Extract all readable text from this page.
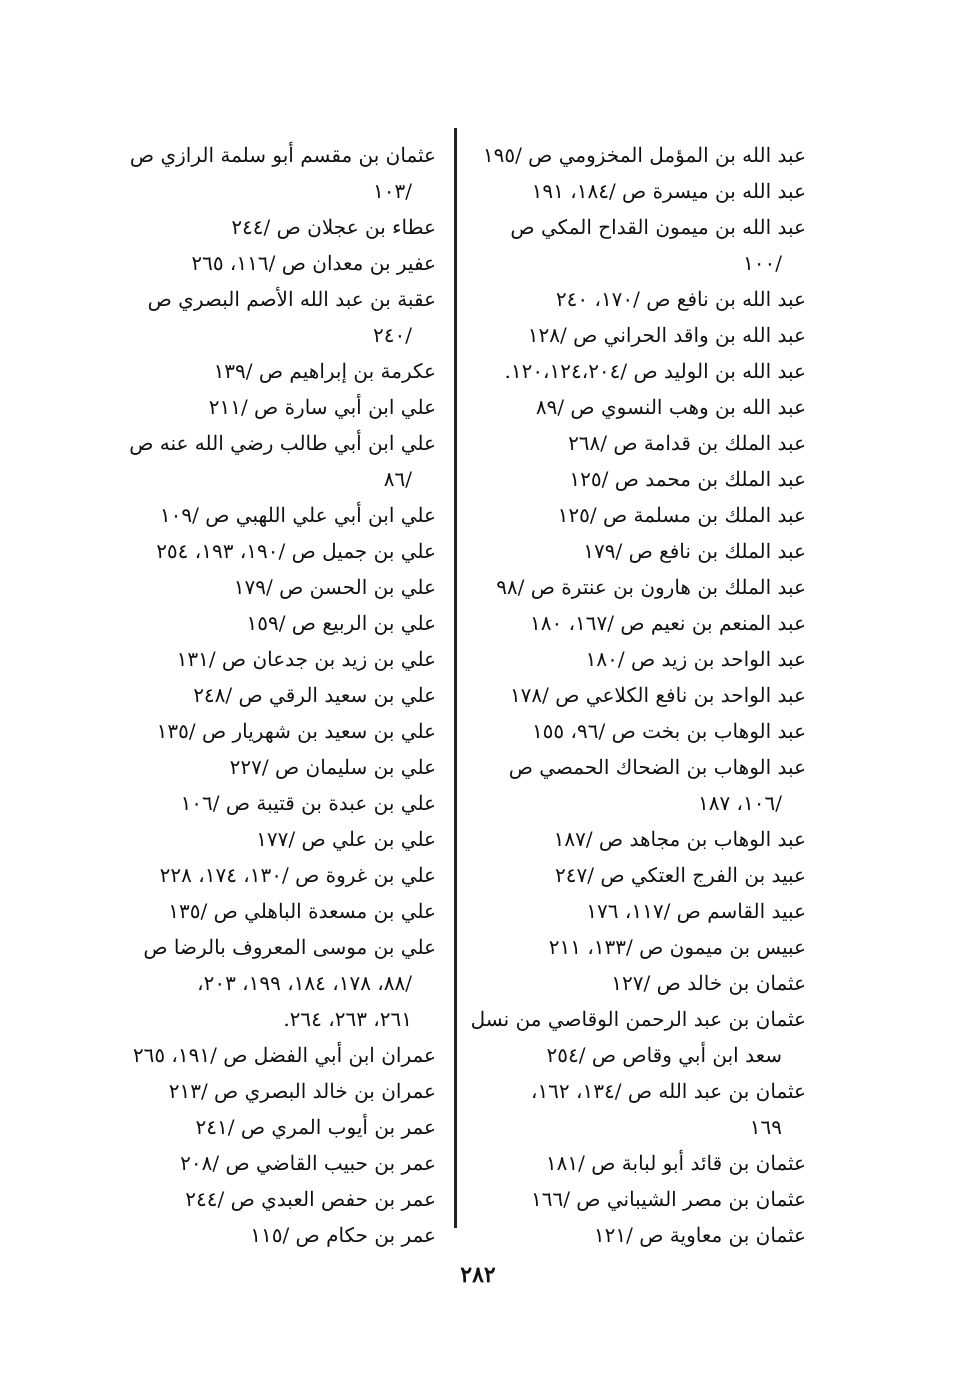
عبد الله بن المؤمل المخزومي ص /١٩٥
عبد الله بن ميسرة ص /١٨٤، ١٩١
عبد الله بن ميمون القداح المكي ص
/١٠٠
عبد الله بن نافع ص /١٧٠، ٢٤٠
عبد الله بن واقد الحراني ص /١٢٨
عبد الله بن الوليد ص /١٢٠،١٢٤،٢٠٤.
عبد الله بن وهب النسوي ص /٨٩
عبد الملك بن قدامة ص /٢٦٨
عبد الملك بن محمد ص /١٢٥
عبد الملك بن مسلمة ص /١٢٥
عبد الملك بن نافع ص /١٧٩
عبد الملك بن هارون بن عنترة ص /٩٨
عبد المنعم بن نعيم ص /١٦٧، ١٨٠
عبد الواحد بن زيد ص /١٨٠
عبد الواحد بن نافع الكلاعي ص /١٧٨
عبد الوهاب بن بخت ص /٩٦، ١٥٥
عبد الوهاب بن الضحاك الحمصي ص
/١٠٦، ١٨٧
عبد الوهاب بن مجاهد ص /١٨٧
عبيد بن الفرج العتكي ص /٢٤٧
عبيد القاسم ص /١١٧، ١٧٦
عبيس بن ميمون ص /١٣٣، ٢١١
عثمان بن خالد ص /١٢٧
عثمان بن عبد الرحمن الوقاصي من نسل
سعد ابن أبي وقاص ص /٢٥٤
عثمان بن عبد الله ص /١٣٤، ١٦٢،
١٦٩
عثمان بن قائد أبو لبابة ص /١٨١
عثمان بن مصر الشيباني ص /١٦٦
عثمان بن معاوية ص /١٢١
عثمان بن مقسم أبو سلمة الرازي ص
/١٠٣
عطاء بن عجلان ص /٢٤٤
عفير بن معدان ص /١١٦، ٢٦٥
عقبة بن عبد الله الأصم البصري ص
/٢٤٠
عكرمة بن إبراهيم ص /١٣٩
علي ابن أبي سارة ص /٢١١
علي ابن أبي طالب رضي الله عنه ص
/٨٦
علي ابن أبي علي اللهبي ص /١٠٩
علي بن جميل ص /١٩٠، ١٩٣، ٢٥٤
علي بن الحسن ص /١٧٩
علي بن الربيع ص /١٥٩
علي بن زيد بن جدعان ص /١٣١
علي بن سعيد الرقي ص /٢٤٨
علي بن سعيد بن شهريار ص /١٣٥
علي بن سليمان ص /٢٢٧
علي بن عبدة بن قتيبة ص /١٠٦
علي بن علي ص /١٧٧
علي بن غروة ص /١٣٠، ١٧٤، ٢٢٨
علي بن مسعدة الباهلي ص /١٣٥
علي بن موسى المعروف بالرضا ص
/٨٨، ١٧٨، ١٨٤، ١٩٩، ٢٠٣،
٢٦١، ٢٦٣، ٢٦٤.
عمران ابن أبي الفضل ص /١٩١، ٢٦٥
عمران بن خالد البصري ص /٢١٣
عمر بن أيوب المري ص /٢٤١
عمر بن حبيب القاضي ص /٢٠٨
عمر بن حفص العبدي ص /٢٤٤
عمر بن حكام ص /١١٥
٢٨٢
